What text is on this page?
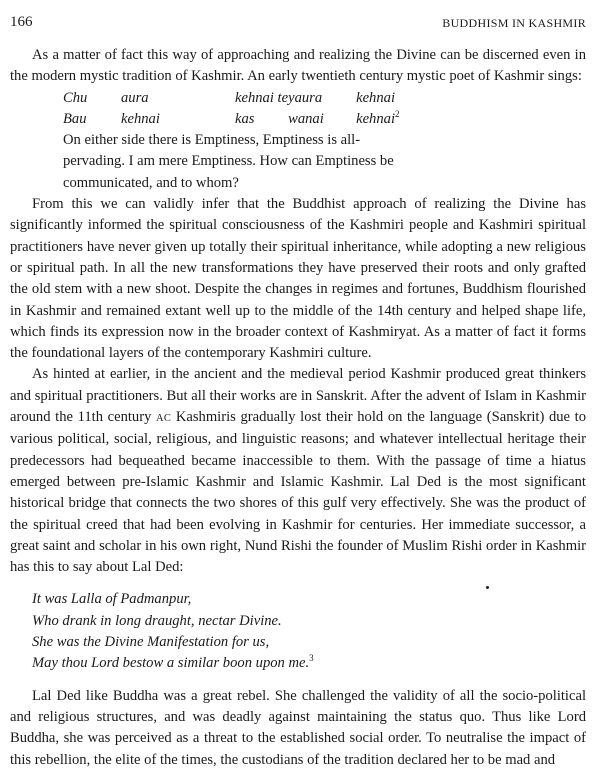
166	BUDDHISM IN KASHMIR

As a matter of fact this way of approaching and realizing the Divine can be discerned even in the modern mystic tradition of Kashmir. An early twentieth century mystic poet of Kashmir sings:

Chu	aura	kehnai te	yaura	kehnai
Bau	kehnai	kas	wanai	kehnai$^2$
On either side there is Emptiness, Emptiness is all-pervading. I am mere Emptiness. How can Emptiness be communicated, and to whom?

From this we can validly infer that the Buddhist approach of realizing the Divine has significantly informed the spiritual consciousness of the Kashmiri people and Kashmiri spiritual practitioners have never given up totally their spiritual inheritance, while adopting a new religious or spiritual path. In all the new transformations they have preserved their roots and only grafted the old stem with a new shoot. Despite the changes in regimes and fortunes, Buddhism flourished in Kashmir and remained extant well up to the middle of the 14th century and helped shape life, which finds its expression now in the broader context of Kashmiryat. As a matter of fact it forms the foundational layers of the contemporary Kashmiri culture.

As hinted at earlier, in the ancient and the medieval period Kashmir produced great thinkers and spiritual practitioners. But all their works are in Sanskrit. After the advent of Islam in Kashmir around the 11th century AC Kashmiris gradually lost their hold on the language (Sanskrit) due to various political, social, religious, and linguistic reasons; and whatever intellectual heritage their predecessors had bequeathed became inaccessible to them. With the passage of time a hiatus emerged between pre-Islamic Kashmir and Islamic Kashmir. Lal Ded is the most significant historical bridge that connects the two shores of this gulf very effectively. She was the product of the spiritual creed that had been evolving in Kashmir for centuries. Her immediate successor, a great saint and scholar in his own right, Nund Rishi the founder of Muslim Rishi order in Kashmir has this to say about Lal Ded:

It was Lalla of Padmanpur,
Who drank in long draught, nectar Divine.
She was the Divine Manifestation for us,
May thou Lord bestow a similar boon upon me.$^3$

Lal Ded like Buddha was a great rebel. She challenged the validity of all the socio-political and religious structures, and was deadly against maintaining the status quo. Thus like Lord Buddha, she was perceived as a threat to the established social order. To neutralise the impact of this rebellion, the elite of the times, the custodians of the tradition declared her to be mad and
